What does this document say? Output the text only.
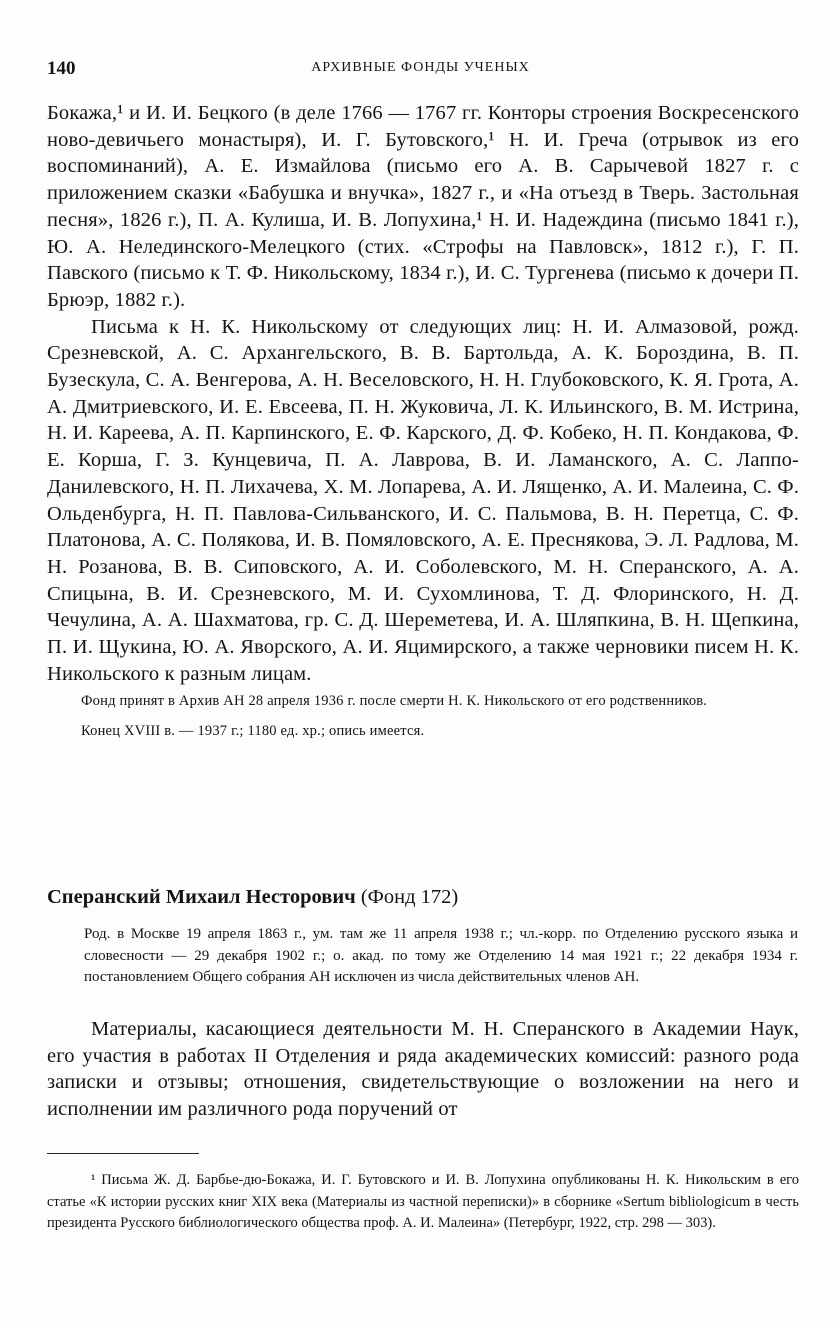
140	АРХИВНЫЕ ФОНДЫ УЧЕНЫХ

Бокажа,¹ и И. И. Бецкого (в деле 1766 — 1767 гг. Конторы строения Воскресенского ново-девичьего монастыря), И. Г. Бутовского,¹ Н. И. Греча (отрывок из его воспоминаний), А. Е. Измайлова (письмо его А. В. Сарычевой 1827 г. с приложением сказки «Бабушка и внучка», 1827 г., и «На отъезд в Тверь. Застольная песня», 1826 г.), П. А. Кулиша, И. В. Лопухина,¹ Н. И. Надеждина (письмо 1841 г.), Ю. А. Нелединского-Мелецкого (стих. «Строфы на Павловск», 1812 г.), Г. П. Павского (письмо к Т. Ф. Никольскому, 1834 г.), И. С. Тургенева (письмо к дочери П. Брюэр, 1882 г.).

Письма к Н. К. Никольскому от следующих лиц: Н. И. Алмазовой, рожд. Срезневской, А. С. Архангельского, В. В. Бартольда, А. К. Бороздина, В. П. Бузескула, С. А. Венгерова, А. Н. Веселовского, Н. Н. Глубоковского, К. Я. Грота, А. А. Дмитриевского, И. Е. Евсеева, П. Н. Жуковича, Л. К. Ильинского, В. М. Истрина, Н. И. Кареева, А. П. Карпинского, Е. Ф. Карского, Д. Ф. Кобеко, Н. П. Кондакова, Ф. Е. Корша, Г. З. Кунцевича, П. А. Лаврова, В. И. Ламанского, А. С. Лаппо-Данилевского, Н. П. Лихачева, Х. М. Лопарева, А. И. Лященко, А. И. Малеина, С. Ф. Ольденбурга, Н. П. Павлова-Сильванского, И. С. Пальмова, В. Н. Перетца, С. Ф. Платонова, А. С. Полякова, И. В. Помяловского, А. Е. Преснякова, Э. Л. Радлова, М. Н. Розанова, В. В. Сиповского, А. И. Соболевского, М. Н. Сперанского, А. А. Спицына, В. И. Срезневского, М. И. Сухомлинова, Т. Д. Флоринского, Н. Д. Чечулина, А. А. Шахматова, гр. С. Д. Шереметева, И. А. Шляпкина, В. Н. Щепкина, П. И. Щукина, Ю. А. Яворского, А. И. Яцимирского, а также черновики писем Н. К. Никольского к разным лицам.

Фонд принят в Архив АН 28 апреля 1936 г. после смерти Н. К. Никольского от его родственников.

Конец XVIII в. — 1937 г.; 1180 ед. хр.; опись имеется.

Сперанский Михаил Несторович (Фонд 172)

Род. в Москве 19 апреля 1863 г., ум. там же 11 апреля 1938 г.; чл.-корр. по Отделению русского языка и словесности — 29 декабря 1902 г.; о. акад. по тому же Отделению 14 мая 1921 г.; 22 декабря 1934 г. постановлением Общего собрания АН исключен из числа действительных членов АН.

Материалы, касающиеся деятельности М. Н. Сперанского в Академии Наук, его участия в работах II Отделения и ряда академических комиссий: разного рода записки и отзывы; отношения, свидетельствующие о возложении на него и исполнении им различного рода поручений от

¹ Письма Ж. Д. Барбье-дю-Бокажа, И. Г. Бутовского и И. В. Лопухина опубликованы Н. К. Никольским в его статье «К истории русских книг XIX века (Материалы из частной переписки)» в сборнике «Sertum bibliologicum в честь президента Русского библиологического общества проф. А. И. Малеина» (Петербург, 1922, стр. 298 — 303).
